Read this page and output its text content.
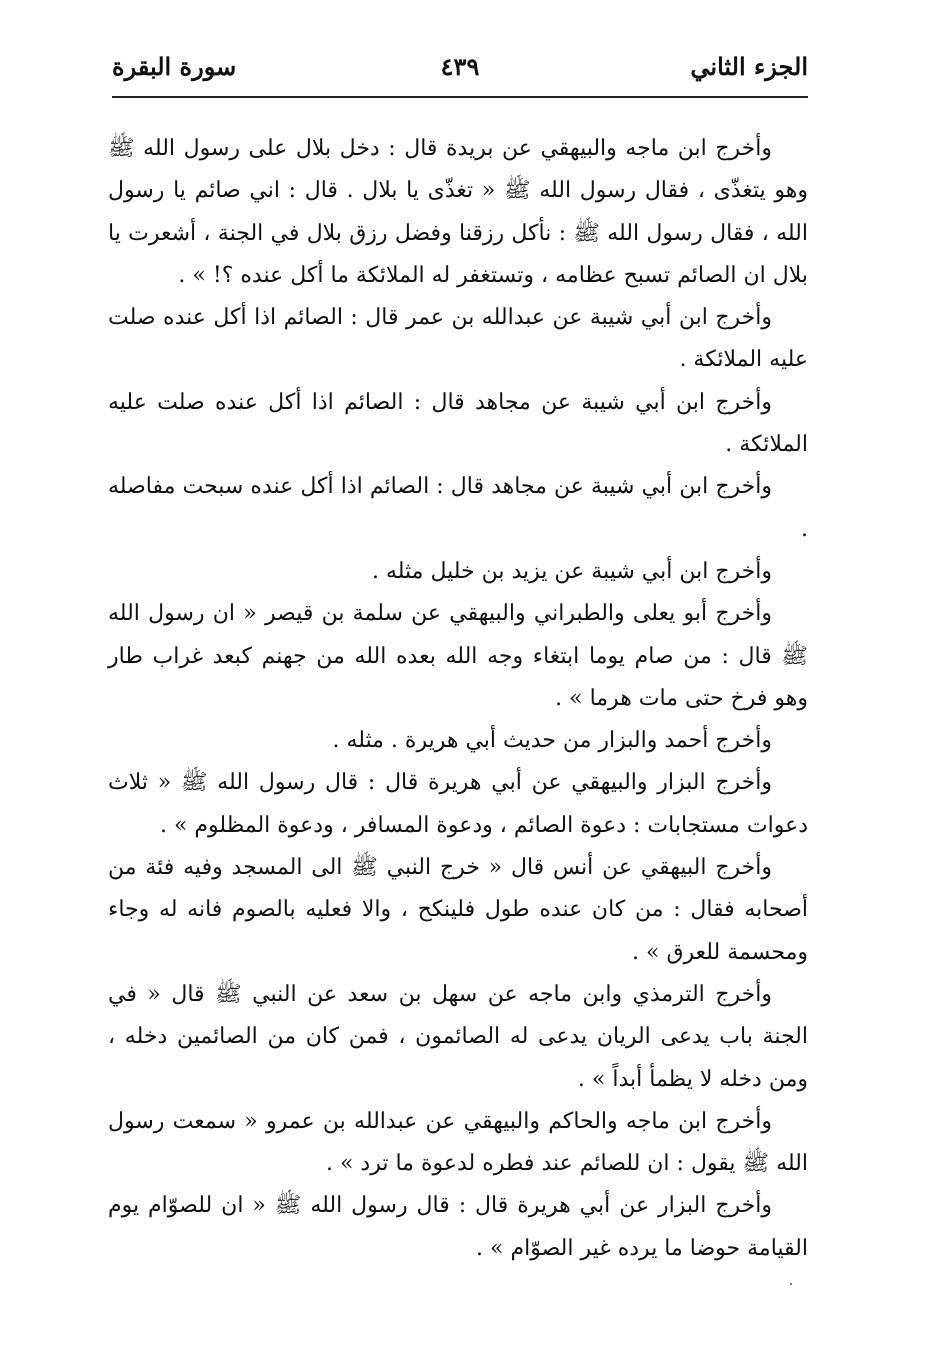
الجزء الثاني
٤٣٩
سورة البقرة

وأخرج ابن ماجه والبيهقي عن بريدة قال : دخل بلال على رسول الله ﷺ وهو يتغذّى ، فقال رسول الله ﷺ « تغذّى يا بلال . قال : اني صائم يا رسول الله ، فقال رسول الله ﷺ : نأكل رزقنا وفضل رزق بلال في الجنة ، أشعرت يا بلال ان الصائم تسبح عظامه ، وتستغفر له الملائكة ما أكل عنده ؟! » .

وأخرج ابن أبي شيبة عن عبدالله بن عمر قال : الصائم اذا أكل عنده صلت عليه الملائكة .

وأخرج ابن أبي شيبة عن مجاهد قال : الصائم اذا أكل عنده صلت عليه الملائكة .

وأخرج ابن أبي شيبة عن مجاهد قال : الصائم اذا أكل عنده سبحت مفاصله .

وأخرج ابن أبي شيبة عن يزيد بن خليل مثله .

وأخرج أبو يعلى والطبراني والبيهقي عن سلمة بن قيصر « ان رسول الله ﷺ قال : من صام يوما ابتغاء وجه الله بعده الله من جهنم كبعد غراب طار وهو فرخ حتى مات هرما » .

وأخرج أحمد والبزار من حديث أبي هريرة . مثله .

وأخرج البزار والبيهقي عن أبي هريرة قال : قال رسول الله ﷺ « ثلاث دعوات مستجابات : دعوة الصائم ، ودعوة المسافر ، ودعوة المظلوم » .

وأخرج البيهقي عن أنس قال « خرج النبي ﷺ الى المسجد وفيه فئة من أصحابه فقال : من كان عنده طول فلينكح ، والا فعليه بالصوم فانه له وجاء ومحسمة للعرق » .

وأخرج الترمذي وابن ماجه عن سهل بن سعد عن النبي ﷺ قال « في الجنة باب يدعى الريان يدعى له الصائمون ، فمن كان من الصائمين دخله ، ومن دخله لا يظمأ أبداً » .

وأخرج ابن ماجه والحاكم والبيهقي عن عبدالله بن عمرو « سمعت رسول الله ﷺ يقول : ان للصائم عند فطره لدعوة ما ترد » .

وأخرج البزار عن أبي هريرة قال : قال رسول الله ﷺ « ان للصوّام يوم القيامة حوضا ما يرده غير الصوّام » .
